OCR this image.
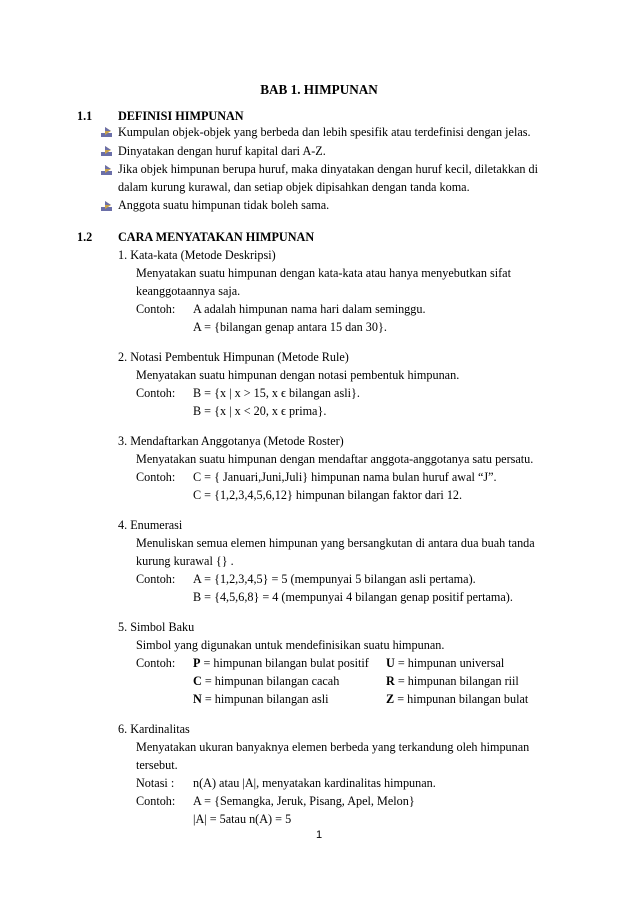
BAB 1. HIMPUNAN
1.1 DEFINISI HIMPUNAN
Kumpulan objek-objek yang berbeda dan lebih spesifik atau terdefinisi dengan jelas.
Dinyatakan dengan huruf kapital dari A-Z.
Jika objek himpunan berupa huruf, maka dinyatakan dengan huruf kecil, diletakkan di
dalam kurung kurawal, dan setiap objek dipisahkan dengan tanda koma.
Anggota suatu himpunan tidak boleh sama.
1.2 CARA MENYATAKAN HIMPUNAN
1. Kata-kata (Metode Deskripsi)
Menyatakan suatu himpunan dengan kata-kata atau hanya menyebutkan sifat
keanggotaannya saja.
Contoh: A adalah himpunan nama hari dalam seminggu.
A = {bilangan genap antara 15 dan 30}.
2. Notasi Pembentuk Himpunan (Metode Rule)
Menyatakan suatu himpunan dengan notasi pembentuk himpunan.
Contoh: B = {x | x > 15, x ϵ bilangan asli}.
B = {x | x < 20, x ϵ prima}.
3. Mendaftarkan Anggotanya (Metode Roster)
Menyatakan suatu himpunan dengan mendaftar anggota-anggotanya satu persatu.
Contoh: C = { Januari,Juni,Juli} himpunan nama bulan huruf awal “J”.
C = {1,2,3,4,5,6,12} himpunan bilangan faktor dari 12.
4. Enumerasi
Menuliskan semua elemen himpunan yang bersangkutan di antara dua buah tanda
kurung kurawal {} .
Contoh: A = {1,2,3,4,5} = 5 (mempunyai 5 bilangan asli pertama).
B = {4,5,6,8} = 4 (mempunyai 4 bilangan genap positif pertama).
5. Simbol Baku
Simbol yang digunakan untuk mendefinisikan suatu himpunan.
Contoh: P = himpunan bilangan bulat positif U = himpunan universal
C = himpunan bilangan cacah	R = himpunan bilangan riil
N = himpunan bilangan asli	Z = himpunan bilangan bulat
6. Kardinalitas
Menyatakan ukuran banyaknya elemen berbeda yang terkandung oleh himpunan
tersebut.
Notasi : n(A) atau |A|, menyatakan kardinalitas himpunan.
Contoh: A = {Semangka, Jeruk, Pisang, Apel, Melon}
|A| = 5atau n(A) = 5
1
